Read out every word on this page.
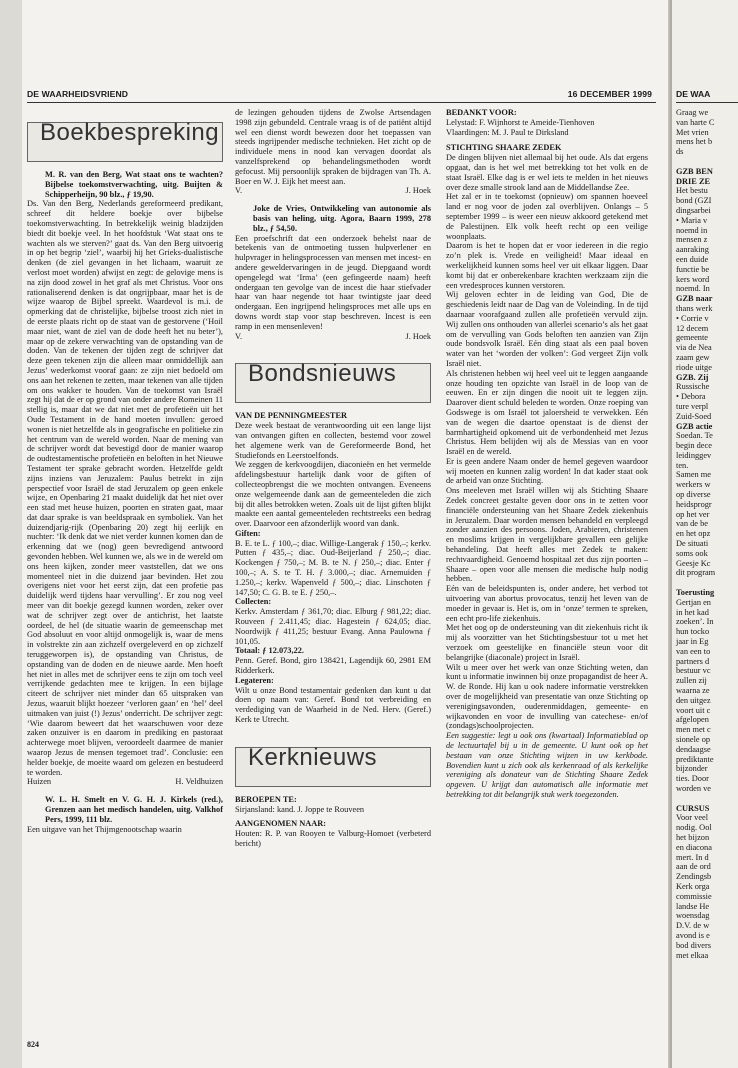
DE WAARHEIDSVRIEND	16 DECEMBER 1999
Boekbespreking

M. R. van den Berg, Wat staat ons te wachten? Bijbelse toekomstverwachting, uitg. Buijten & Schipperheijn, 90 blz., ƒ 19,90.

Ds. Van den Berg, Nederlands gereformeerd predikant, schreef dit heldere boekje over bijbelse toekomstverwachting. In betrekkelijk weinig bladzijden biedt dit boekje veel. In het hoofdstuk ‘Wat staat ons te wachten als we sterven?’ gaat ds. Van den Berg uitvoerig in op het begrip ‘ziel’, waarbij hij het Grieks-dualistische denken (de ziel gevangen in het lichaam, waaruit ze verlost moet worden) afwijst en zegt: de gelovige mens is na zijn dood zowel in het graf als met Christus. Voor ons rationaliserend denken is dat ongrijpbaar, maar het is de wijze waarop de Bijbel spreekt. Waardevol is m.i. de opmerking dat de christelijke, bijbelse troost zich niet in de eerste plaats richt op de staat van de gestorvene (‘Hoil maar niet, want de ziel van de dode heeft het nu beter’), maar op de zekere verwachting van de opstanding van de doden. Van de tekenen der tijden zegt de schrijver dat deze geen tekenen zijn die alleen maar onmiddellijk aan Jezus’ wederkomst vooraf gaan: ze zijn niet bedoeld om ons aan het rekenen te zetten, maar tekenen van alle tijden om ons wakker te houden. Van de toekomst van Israël zegt hij dat de er op grond van onder andere Romeinen 11 stellig is, maar dat we dat niet met de profetieën uit het Oude Testament in de hand moeten invullen: geroed wonen is niet hetzelfde als in geografische en politieke zin het centrum van de wereld worden. Naar de mening van de schrijver wordt dat bevestigd door de manier waarop de oudtestamentische profetieën en beloften in het Nieuwe Testament ter sprake gebracht worden. Hetzelfde geldt zijns inziens van Jeruzalem: Paulus betrekt in zijn perspectief voor Israël de stad Jeruzalem op geen enkele wijze, en Openbaring 21 maakt duidelijk dat het niet over een stad met heuse huizen, poorten en straten gaat, maar dat daar sprake is van beeldspraak en symboliek. Van het duizendjarig-rijk (Openbaring 20) zegt hij eerlijk en nuchter: ‘Ik denk dat we niet verder kunnen komen dan de erkenning dat we (nog) geen bevredigend antwoord gevonden hebben. Wel kunnen we, als we in de wereld om ons heen kijken, zonder meer vaststellen, dat we ons momenteel niet in die duizend jaar bevinden. Het zou overigens niet voor het eerst zijn, dat een profetie pas duidelijk werd tijdens haar vervulling’. Er zou nog veel meer van dit boekje gezegd kunnen worden, zeker over wat de schrijver zegt over de antichrist, het laatste oordeel, de hel (de situatie waarin de gemeenschap met God absoluut en voor altijd onmogelijk is, waar de mens in volstrekte zin aan zichzelf overgeleverd en op zichzelf teruggeworpen is), de opstanding van Christus, de opstanding van de doden en de nieuwe aarde. Men hoeft het niet in alles met de schrijver eens te zijn om toch veel verrijkende gedachten mee te krijgen. In een bijlage citeert de schrijver niet minder dan 65 uitspraken van Jezus, waaruit blijkt hoezeer ‘verloren gaan’ en ‘hel’ deel uitmaken van juist (!) Jezus’ onderricht. De schrijver zegt: ‘Wie daarom beweert dat het waarschuwen voor deze zaken onzuiver is en daarom in prediking en pastoraat achterwege moet blijven, veroordeelt daarmee de manier waarop Jezus de mensen tegemoet trad’. Conclusie: een helder boekje, de moeite waard om gelezen en bestudeerd te worden.

Huizen	H. Veldhuizen

W. L. H. Smelt en V. G. H. J. Kirkels (red.), Grenzen aan het medisch handelen, uitg. Valkhof Pers, 1999, 111 blz.

Een uitgave van het Thijmgenootschap waarin

de lezingen gehouden tijdens de Zwolse Artsendagen 1998 zijn gebundeld. Centrale vraag is of de patiënt altijd wel een dienst wordt bewezen door het toepassen van steeds ingrijpender medische technieken. Het zicht op de individuele mens in nood kan vervagen doordat als vanzelfsprekend op behandelingsmethoden wordt gefocust. Mij persoonlijk spraken de bijdragen van Th. A. Boer en W. J. Eijk het meest aan.

V.	J. Hoek

Joke de Vries, Ontwikkeling van autonomie als basis van heling, uitg. Agora, Baarn 1999, 278 blz., ƒ 54,50.

Een proefschrift dat een onderzoek behelst naar de betekenis van de ontmoeting tussen hulpverlener en hulpvrager in helingsprocessen van mensen met incest- en andere geweldervaringen in de jeugd. Diepgaand wordt opengelegd wat ‘Irma’ (een gefingeerde naam) heeft ondergaan ten gevolge van de incest die haar stiefvader haar van haar negende tot haar twintigste jaar deed ondergaan. Een ingrijpend helingsproces met alle ups en downs wordt stap voor stap beschreven. Incest is een ramp in een mensenleven!

V.	J. Hoek
Bondsnieuws

VAN DE PENNINGMEESTER

Deze week bestaat de verantwoording uit een lange lijst van ontvangen giften en collecten, bestemd voor zowel het algemene werk van de Gereformeerde Bond, het Studiefonds en Leerstoelfonds.

We zeggen de kerkvoogdijen, diaconieën en het vermelde afdelingsbestuur hartelijk dank voor de giften of collecteopbrengst die we mochten ontvangen. Eveneens onze welgemeende dank aan de gemeenteleden die zich bij dit alles betrokken weten. Zoals uit de lijst giften blijkt maakte een aantal gemeenteleden rechtstreeks een bedrag over. Daarvoor een afzonderlijk woord van dank.

Giften:

B. E. te L. ƒ 100,–; diac. Willige-Langerak ƒ 150,–; kerkv. Putten ƒ 435,–; diac. Oud-Beijerland ƒ 250,–; diac. Kockengen ƒ 750,–; M. B. te N. ƒ 250,–; diac. Enter ƒ 100,–; A. S. te T. H. ƒ 3.000,–; diac. Arnemuiden ƒ 1.250,–; kerkv. Wapenveld ƒ 500,–; diac. Linschoten ƒ 147,50; C. G. B. te E. ƒ 250,–.

Collecten:

Kerkv. Amsterdam ƒ 361,70; diac. Elburg ƒ 981,22; diac. Rouveen ƒ 2.411,45; diac. Hagestein ƒ 624,05; diac. Noordwijk ƒ 411,25; bestuur Evang. Anna Paulowna ƒ 101,05.

Totaal: ƒ 12.073,22.

Penn. Geref. Bond, giro 138421, Lagendijk 60, 2981 EM Ridderkerk.

Legateren:

Wilt u onze Bond testamentair gedenken dan kunt u dat doen op naam van: Geref. Bond tot verbreiding en verdediging van de Waarheid in de Ned. Herv. (Geref.) Kerk te Utrecht.

Kerknieuws

BEROEPEN TE:

Sirjansland: kand. J. Joppe te Rouveen

AANGENOMEN NAAR:

Houten: R. P. van Rooyen te Valburg-Homoet (verbeterd bericht)

BEDANKT VOOR:

Lelystad: F. Wijnhorst te Ameide-Tienhoven
Vlaardingen: M. J. Paul te Dirksland

STICHTING SHAARE ZEDEK

De dingen blijven niet allemaal bij het oude. Als dat ergens opgaat, dan is het wel met betrekking tot het volk en de staat Israël. Elke dag is er wel iets te melden in het nieuws over deze smalle strook land aan de Middellandse Zee.

Het zal er in te toekomst (opnieuw) om spannen hoeveel land er nog voor de joden zal overblijven. Onlangs – 5 september 1999 – is weer een nieuw akkoord getekend met de Palestijnen. Elk volk heeft recht op een veilige woonplaats.

Daarom is het te hopen dat er voor iedereen in die regio zo’n plek is. Vrede en veiligheid! Maar ideaal en werkelijkheid kunnen soms heel ver uit elkaar liggen. Daar komt bij dat er onberekenbare krachten werkzaam zijn die een vredesproces kunnen verstoren.

Wij geloven echter in de leiding van God, Die de geschiedenis leidt naar de Dag van de Voleinding. In de tijd daarnaar voorafgaand zullen alle profetieën vervuld zijn. Wij zullen ons onthouden van allerlei scenario’s als het gaat om de vervulling van Gods beloften ten aanzien van Zijn oude bondsvolk Israël. Eén ding staat als een paal boven water van het ‘worden der volken’: God vergeet Zijn volk Israël niet.

Als christenen hebben wij heel veel uit te leggen aangaande onze houding ten opzichte van Israël in de loop van de eeuwen. En er zijn dingen die nooit uit te leggen zijn. Daarover dient schuld beleden te worden. Onze roeping van Godswege is om Israël tot jaloersheid te verwekken. Eén van de wegen die daartoe openstaat is de dienst der barmhartigheid opkomend uit de verbondenheid met Jezus Christus. Hem belijden wij als de Messias van en voor Israël en de wereld.

Er is geen andere Naam onder de hemel gegeven waardoor wij moeten en kunnen zalig worden! In dat kader staat ook de arbeid van onze Stichting.

Ons meeleven met Israël willen wij als Stichting Shaare Zedek concreet gestalte geven door ons in te zetten voor financiële ondersteuning van het Shaare Zedek ziekenhuis in Jeruzalem. Daar worden mensen behandeld en verpleegd zonder aanzien des persoons. Joden, Arabieren, christenen en moslims krijgen in vergelijkbare gevallen een gelijke behandeling. Dat heeft alles met Zedek te maken: rechtvaardigheid. Genoemd hospitaal zet dus zijn poorten – Shaare – open voor alle mensen die medische hulp nodig hebben.

Eén van de beleidspunten is, onder andere, het verbod tot uitvoering van abortus provocatus, tenzij het leven van de moeder in gevaar is. Het is, om in ‘onze’ termen te spreken, een echt pro-life ziekenhuis.

Met het oog op de ondersteuning van dit ziekenhuis richt ik mij als voorzitter van het Stichtingsbestuur tot u met het verzoek om geestelijke en financiële steun voor dit belangrijke (diaconale) project in Israël.

Wilt u meer over het werk van onze Stichting weten, dan kunt u informatie inwinnen bij onze propagandist de heer A. W. de Ronde. Hij kan u ook nadere informatie verstrekken over de mogelijkheid van presentatie van onze Stichting op verenigingsavonden, ouderenmiddagen, gemeente- en wijkavonden en voor de invulling van catechese- en/of (zondags)schoolprojecten.

Een suggestie: legt u ook ons (kwartaal) Informatieblad op de lectuurtafel bij u in de gemeente. U kunt ook op het bestaan van onze Stichting wijzen in uw kerkbode. Bovendien kunt u zich ook als kerkenraad of als kerkelijke vereniging als donateur van de Stichting Shaare Zedek opgeven. U krijgt dan automatisch alle informatie met betrekking tot dit belangrijk stuk werk toegezonden.

824
DE WAA
Graag we
van harte C
Met vrien
mens het b
ds

GZB BEN
DRIE ZE
Het bestu
bond (GZI
dingsarbei
• Maria v
noemd in
mensen z
aanraking
een duide
functie be
kers word
noemd. In
GZB naar
thans werk
• Corrie v
12 decem
gemeente
via de Nea
zaam gew
riode uitge
GZB. Zij
Russische
• Debora
ture verpl
Zuid-Soed
GZB actie
Soedan. Te
begin dece
leidinggev
ten.
Samen me
werkers w
op diverse
heidsprogr
op het ver
van de be
en het opz
De situati
soms ook
Geesje Kc
dit program

Toerusting
Gertjan en
in het kad
zoeken’. In
hun tocko
jaar in Eg
van een to
partners d
bestuur vc
zullen zij
waarna ze
den uitgez
voort uit c
afgelopen
men met c
sionele op
dendaagse
prediktante
bijzonder
ties. Door
worden ve

CURSUS
Voor veel
nodig. Ool
het bijzon
en diacona
mert. In d
aan de ord
Zendingsb
Kerk orga
commissie
landse He
woensdag
D.V. de w
avond is e
bod divers
met elkaa
